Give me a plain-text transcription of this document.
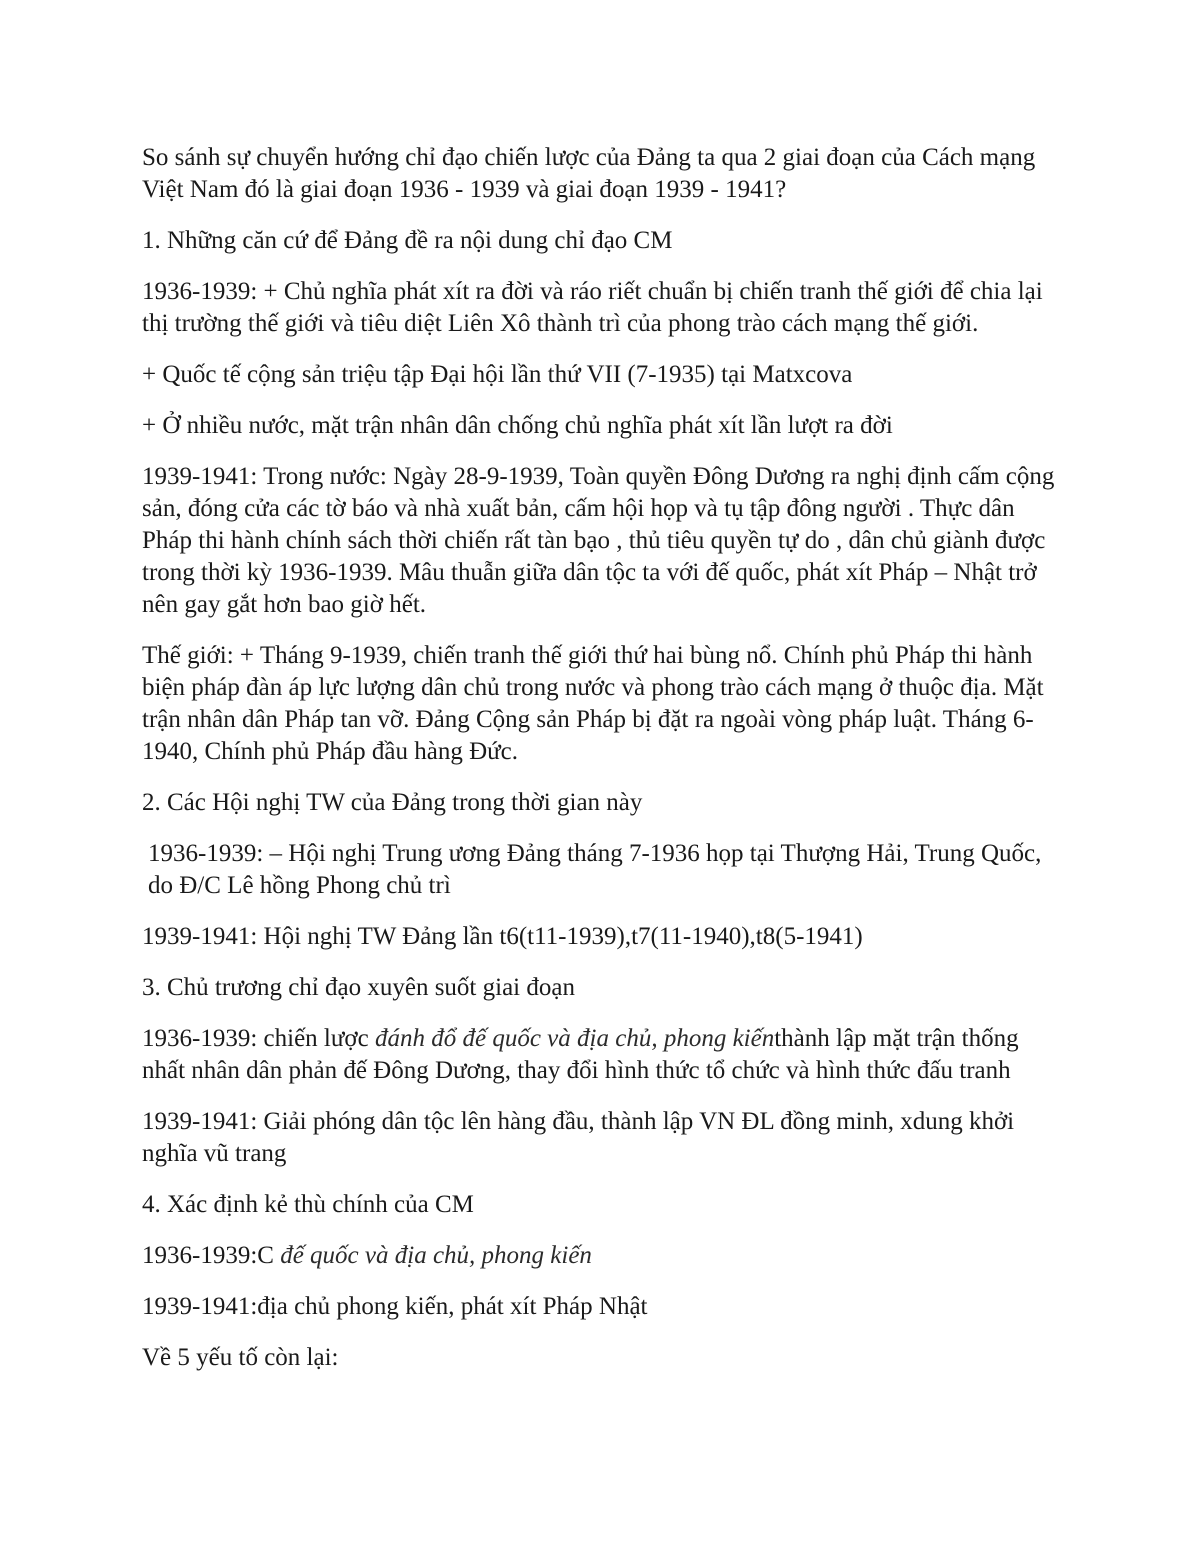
So sánh sự chuyển hướng chỉ đạo chiến lược của Đảng ta qua 2 giai đoạn của Cách mạng Việt Nam đó là giai đoạn 1936 - 1939 và giai đoạn 1939 - 1941?

1. Những căn cứ để Đảng đề ra nội dung chỉ đạo CM

1936-1939: + Chủ nghĩa phát xít ra đời và ráo riết chuẩn bị chiến tranh thế giới để chia lại thị trường thế giới và tiêu diệt Liên Xô thành trì của phong trào cách mạng thế giới.

+ Quốc tế cộng sản triệu tập Đại hội lần thứ VII (7-1935) tại Matxcova

+ Ở nhiều nước, mặt trận nhân dân chống chủ nghĩa phát xít lần lượt ra đời

1939-1941: Trong nước: Ngày 28-9-1939, Toàn quyền Đông Dương ra nghị định cấm cộng sản, đóng cửa các tờ báo và nhà xuất bản, cấm hội họp và tụ tập đông người . Thực dân Pháp thi hành chính sách thời chiến rất tàn bạo , thủ tiêu quyền tự do , dân chủ giành được trong thời kỳ 1936-1939. Mâu thuẫn giữa dân tộc ta với đế quốc, phát xít Pháp – Nhật trở nên gay gắt hơn bao giờ hết.

Thế giới: + Tháng 9-1939, chiến tranh thế giới thứ hai bùng nổ. Chính phủ Pháp thi hành biện pháp đàn áp lực lượng dân chủ trong nước và phong trào cách mạng ở thuộc địa. Mặt trận nhân dân Pháp tan vỡ. Đảng Cộng sản Pháp bị đặt ra ngoài vòng pháp luật. Tháng 6-1940, Chính phủ Pháp đầu hàng Đức.

2. Các Hội nghị TW của Đảng trong thời gian này

1936-1939: – Hội nghị Trung ương Đảng tháng 7-1936 họp tại Thượng Hải, Trung Quốc, do Đ/C Lê hồng Phong chủ trì

1939-1941: Hội nghị TW Đảng lần t6(t11-1939),t7(11-1940),t8(5-1941)

3. Chủ trương chỉ đạo xuyên suốt giai đoạn

1936-1939: chiến lược đánh đổ đế quốc và địa chủ, phong kiếnthành lập mặt trận thống nhất nhân dân phản đế Đông Dương, thay đổi hình thức tổ chức và hình thức đấu tranh

1939-1941: Giải phóng dân tộc lên hàng đầu, thành lập VN ĐL đồng minh, xdung khởi nghĩa vũ trang

4. Xác định kẻ thù chính của CM

1936-1939:C đế quốc và địa chủ, phong kiến

1939-1941:địa chủ phong kiến, phát xít Pháp Nhật

Về 5 yếu tố còn lại:
